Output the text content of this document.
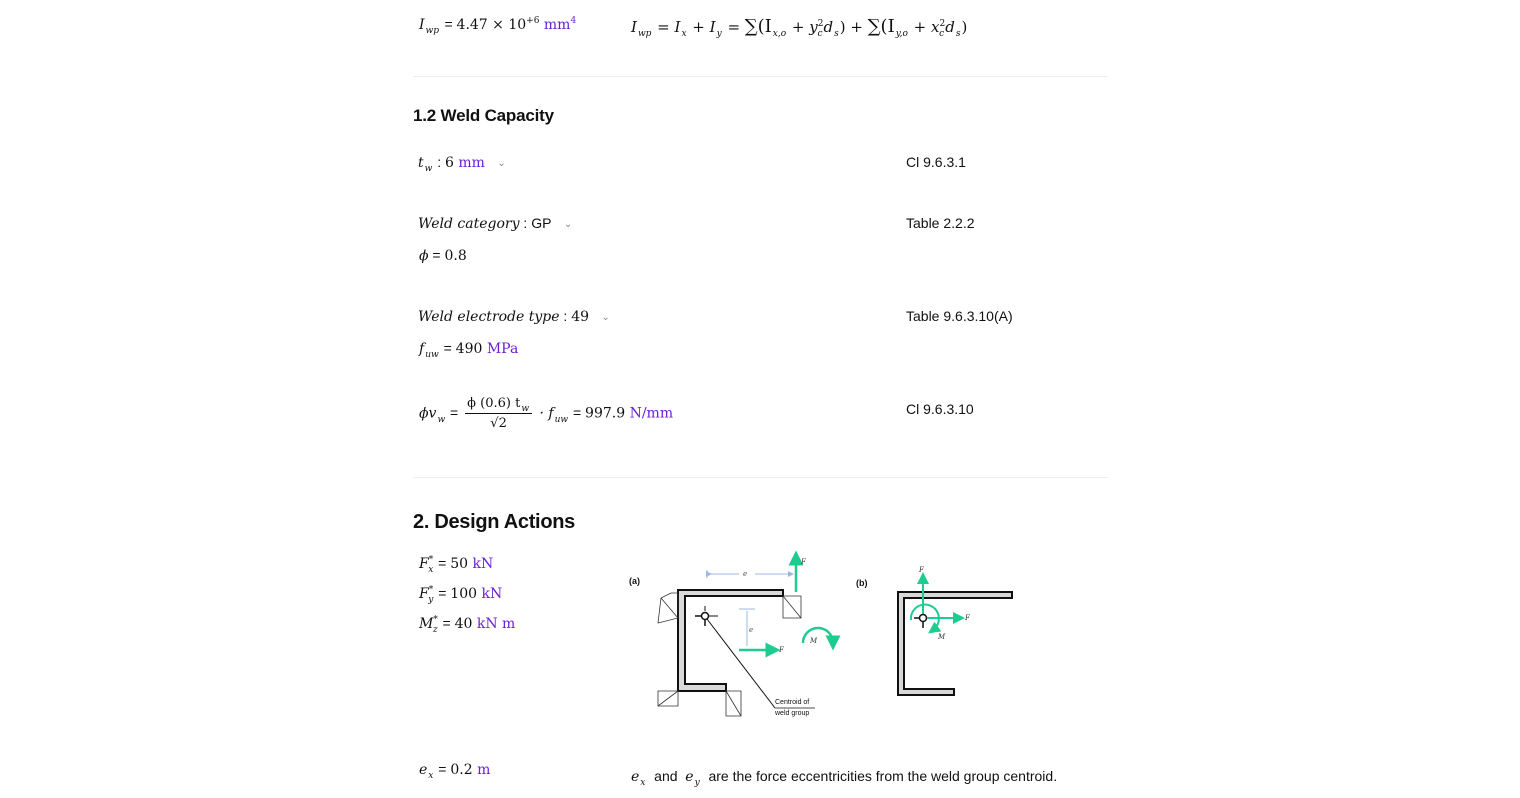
$I_{wp} = 4.47 \times 10^{+6}$ $mm^4$	$I_{wp} = I_x + I_y = \sum(I_{x,o} + y^2_cd_s) + \sum(I_{y,o} + x^2_cd_s)$
1.2 Weld Capacity
$t_w$ : 6 mm ⌄	Cl 9.6.3.1
Weld category : GP ⌄	Table 2.2.2
ϕ = 0.8
Weld electrode type : 49 ⌄	Table 9.6.3.10(A)
$f_{uw} = 490$ MPa
$\phi v_w = \frac{\phi (0.6) t_w}{√2} \cdot f_{uw} = 997.9$ N/mm	Cl 9.6.3.10
2. Design Actions
$F^*_x = 50$ kN
$F^*_y = 100$ kN
$M^*_z = 40$ kN m
Centroid of
weld group
e
e
F
F
M
(a)	(b)
F
F
M
$e_x = 0.2$ m	$e_x$  and  $e_y$  are the force eccentricities from the weld group centroid.
